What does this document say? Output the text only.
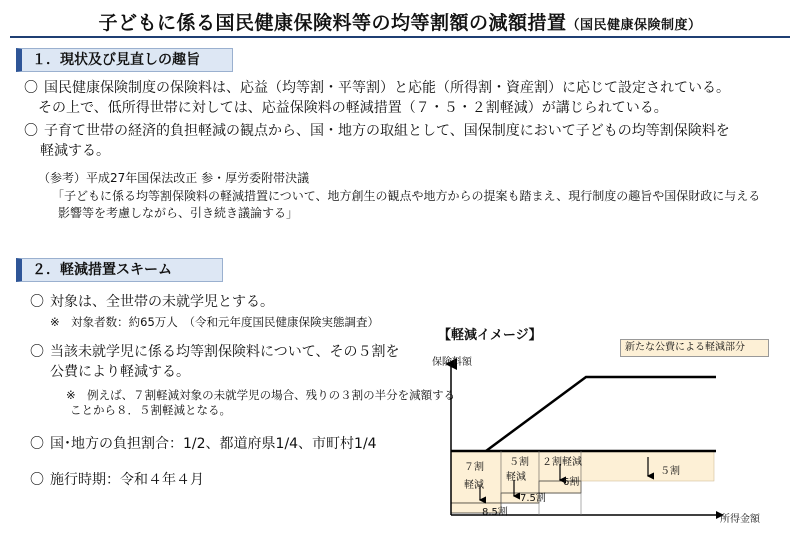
子どもに係る国民健康保険料等の均等割額の減額措置（国民健康保険制度）
１．現状及び見直しの趣旨
〇 国民健康保険制度の保険料は、応益（均等割・平等割）と応能（所得割・資産割）に応じて設定されている。
その上で、低所得世帯に対しては、応益保険料の軽減措置（７・５・２割軽減）が講じられている。
〇 子育て世帯の経済的負担軽減の観点から、国・地方の取組として、国保制度において子どもの均等割保険料を
軽減する。
（参考）平成27年国保法改正 参・厚労委附帯決議
「子どもに係る均等割保険料の軽減措置について、地方創生の観点や地方からの提案も踏まえ、現行制度の趣旨や国保財政に与える
影響等を考慮しながら、引き続き議論する」
２．軽減措置スキーム
〇 対象は、全世帯の未就学児とする。
※　対象者数：約65万人　（令和元年度国民健康保険実態調査）
〇 当該未就学児に係る均等割保険料について、その５割を
公費により軽減する。
※　例えば、７割軽減対象の未就学児の場合、残りの３割の半分を減額する
ことから８．５割軽減となる。
〇 国･地方の負担割合：1/2、都道府県1/4、市町村1/4
〇 施行時期：令和４年４月
【軽減イメージ】
保険料額
所得金額
新たな公費による軽減部分
７割
軽減
５割
軽減
２割軽減
５割
8.5割
7.5割
6割
